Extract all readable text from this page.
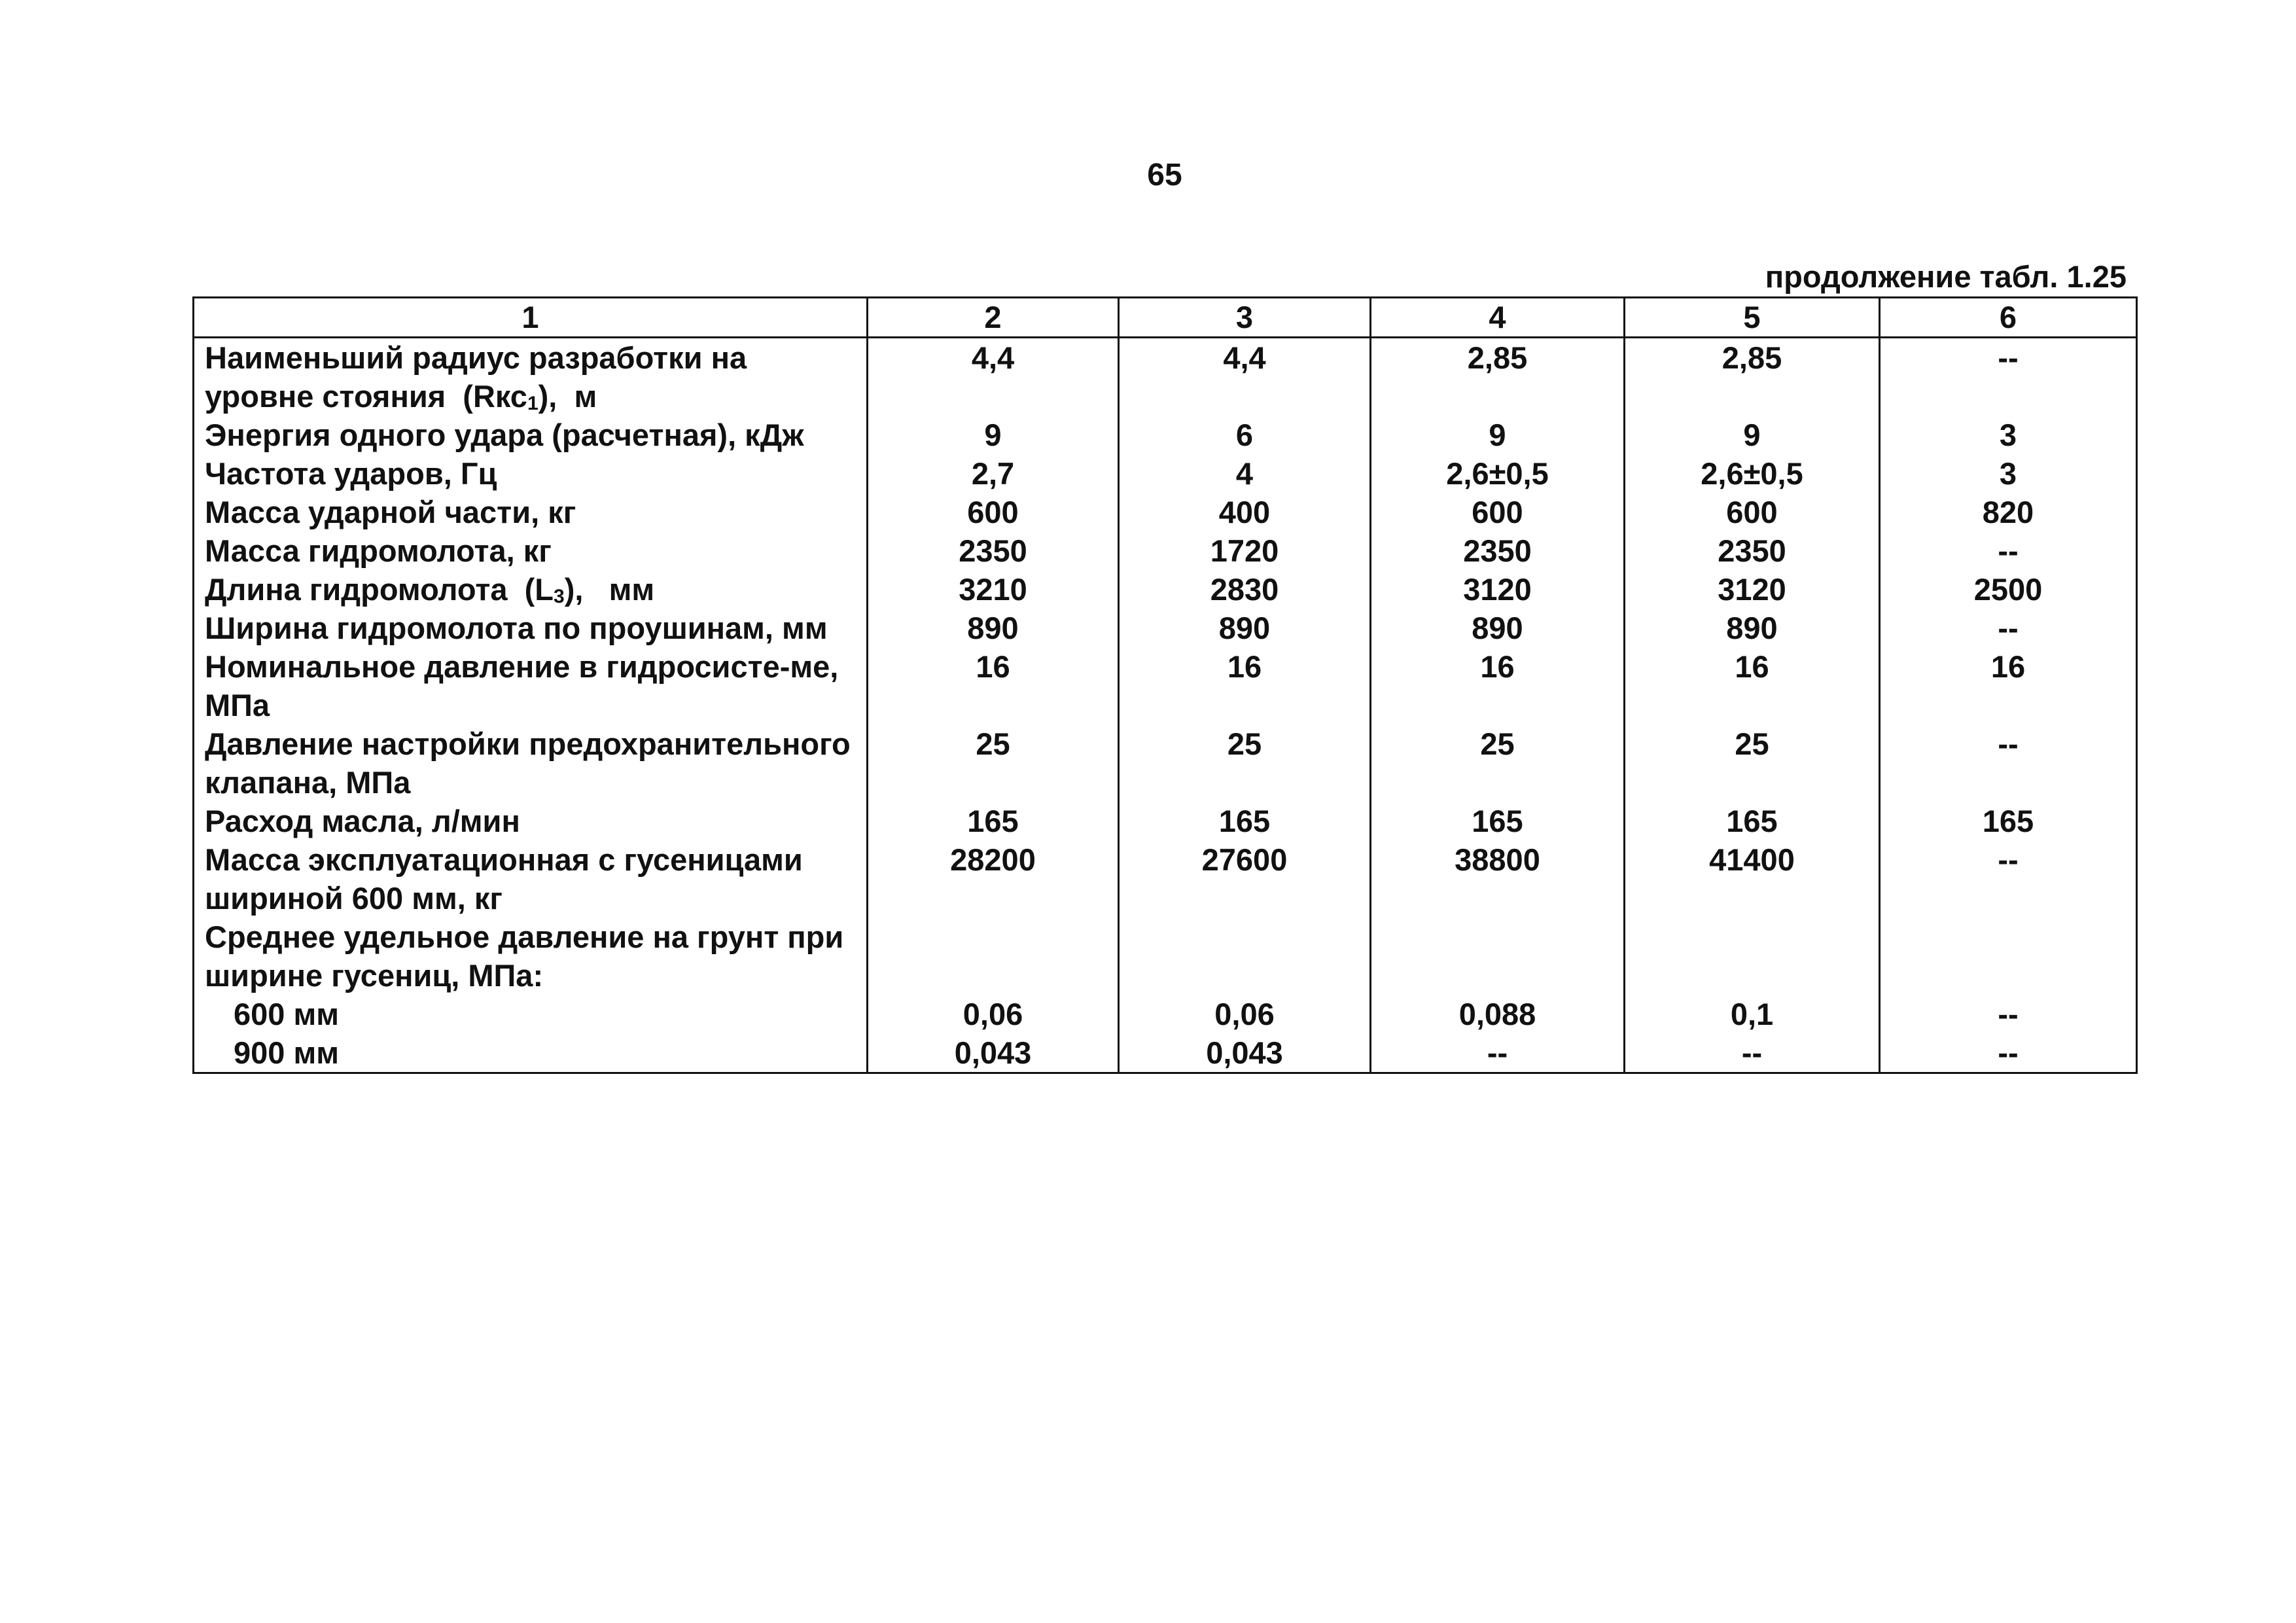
65
продолжение табл. 1.25
1	2	3	4	5	6
Наименьший радиус разработки на уровне стояния  (Rкс$_1$),  м	4,4	4,4	2,85	2,85	--
Энергия одного удара (расчетная), кДж	9	6	9	9	3
Частота ударов, Гц	2,7	4	2,6±0,5	2,6±0,5	3
Масса ударной части, кг	600	400	600	600	820
Масса гидромолота, кг	2350	1720	2350	2350	--
Длина гидромолота  $(L_3)$,   мм	3210	2830	3120	3120	2500
Ширина гидромолота по проушинам, мм	890	890	890	890	--
Номинальное давление в гидросисте-ме, МПа	16	16	16	16	16
Давление настройки предохранительного клапана, МПа	25	25	25	25	--
Расход масла, л/мин	165	165	165	165	165
Масса эксплуатационная с гусеницами шириной 600 мм, кг	28200	27600	38800	41400	--
Среднее удельное давление на грунт при ширине гусениц, МПа:					
600 мм	0,06	0,06	0,088	0,1	--
900 мм	0,043	0,043	--	--	--
